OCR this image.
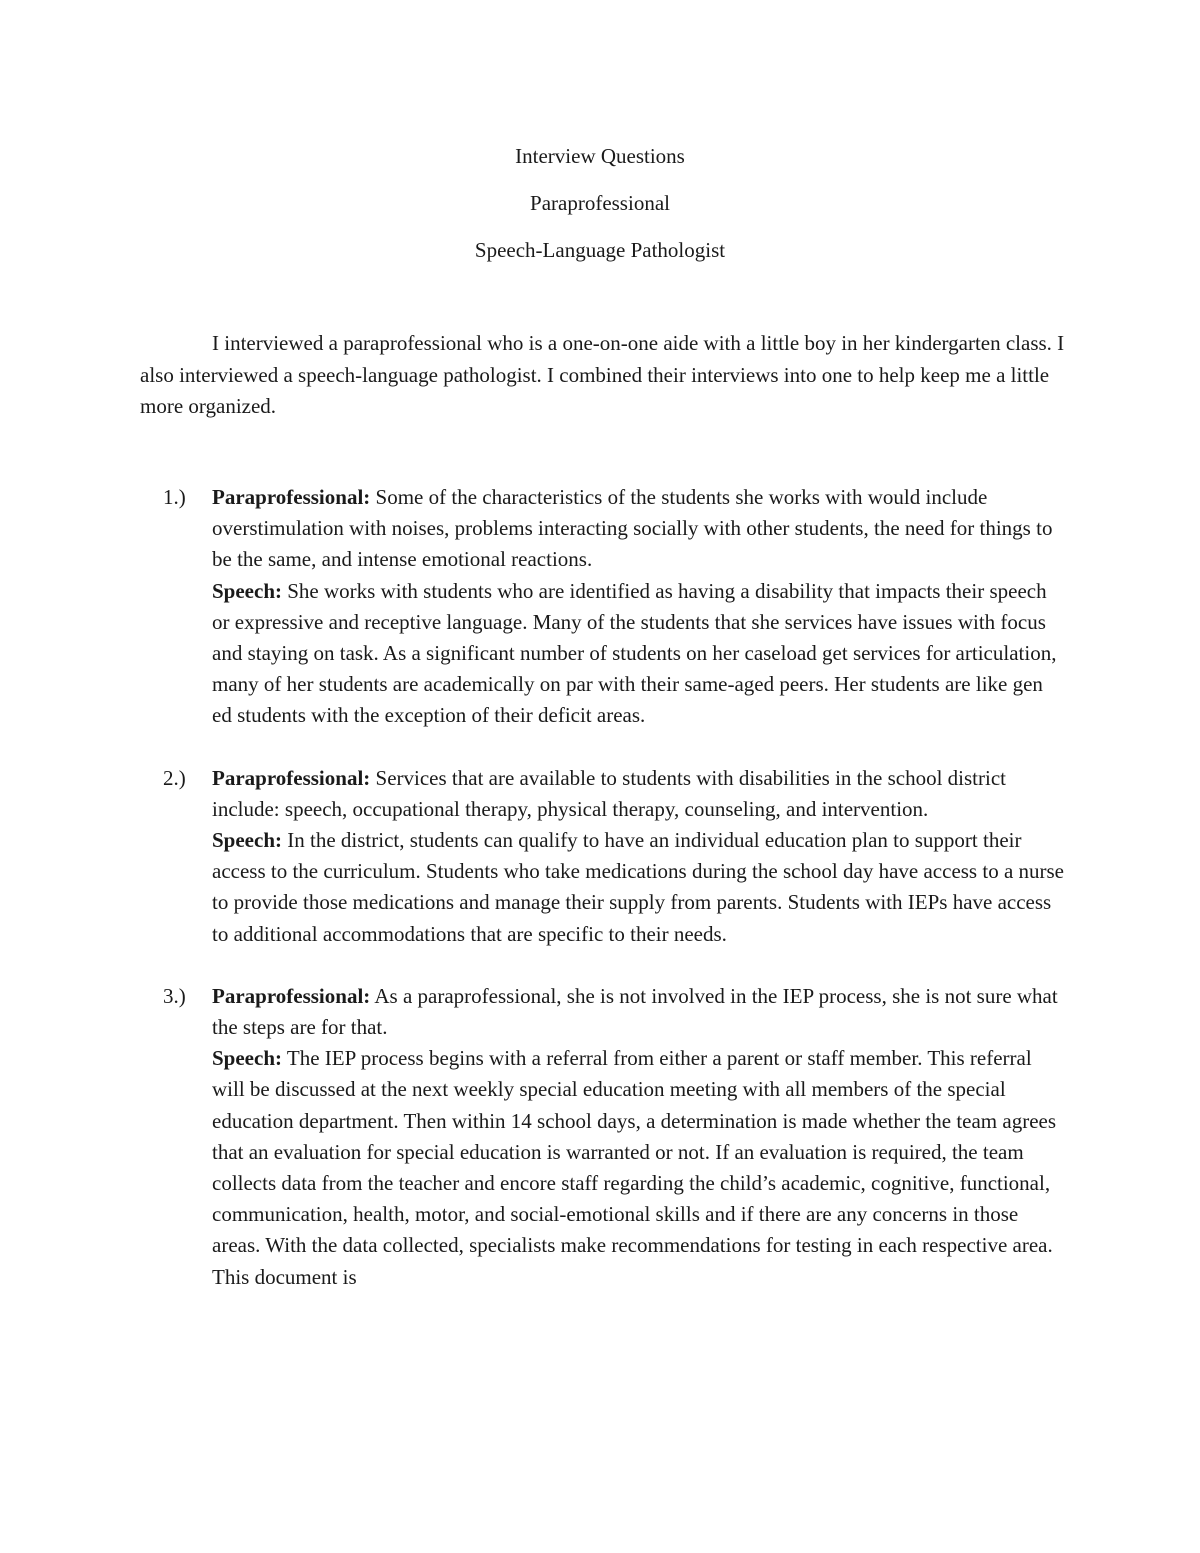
Interview Questions
Paraprofessional
Speech-Language Pathologist
I interviewed a paraprofessional who is a one-on-one aide with a little boy in her kindergarten class. I also interviewed a speech-language pathologist. I combined their interviews into one to help keep me a little more organized.
1.) Paraprofessional: Some of the characteristics of the students she works with would include overstimulation with noises, problems interacting socially with other students, the need for things to be the same, and intense emotional reactions.

Speech: She works with students who are identified as having a disability that impacts their speech or expressive and receptive language. Many of the students that she services have issues with focus and staying on task. As a significant number of students on her caseload get services for articulation, many of her students are academically on par with their same-aged peers. Her students are like gen ed students with the exception of their deficit areas.

2.) Paraprofessional: Services that are available to students with disabilities in the school district include: speech, occupational therapy, physical therapy, counseling, and intervention.

Speech: In the district, students can qualify to have an individual education plan to support their access to the curriculum. Students who take medications during the school day have access to a nurse to provide those medications and manage their supply from parents. Students with IEPs have access to additional accommodations that are specific to their needs.

3.) Paraprofessional: As a paraprofessional, she is not involved in the IEP process, she is not sure what the steps are for that.

Speech: The IEP process begins with a referral from either a parent or staff member. This referral will be discussed at the next weekly special education meeting with all members of the special education department. Then within 14 school days, a determination is made whether the team agrees that an evaluation for special education is warranted or not. If an evaluation is required, the team collects data from the teacher and encore staff regarding the child’s academic, cognitive, functional, communication, health, motor, and social-emotional skills and if there are any concerns in those areas. With the data collected, specialists make recommendations for testing in each respective area. This document is
